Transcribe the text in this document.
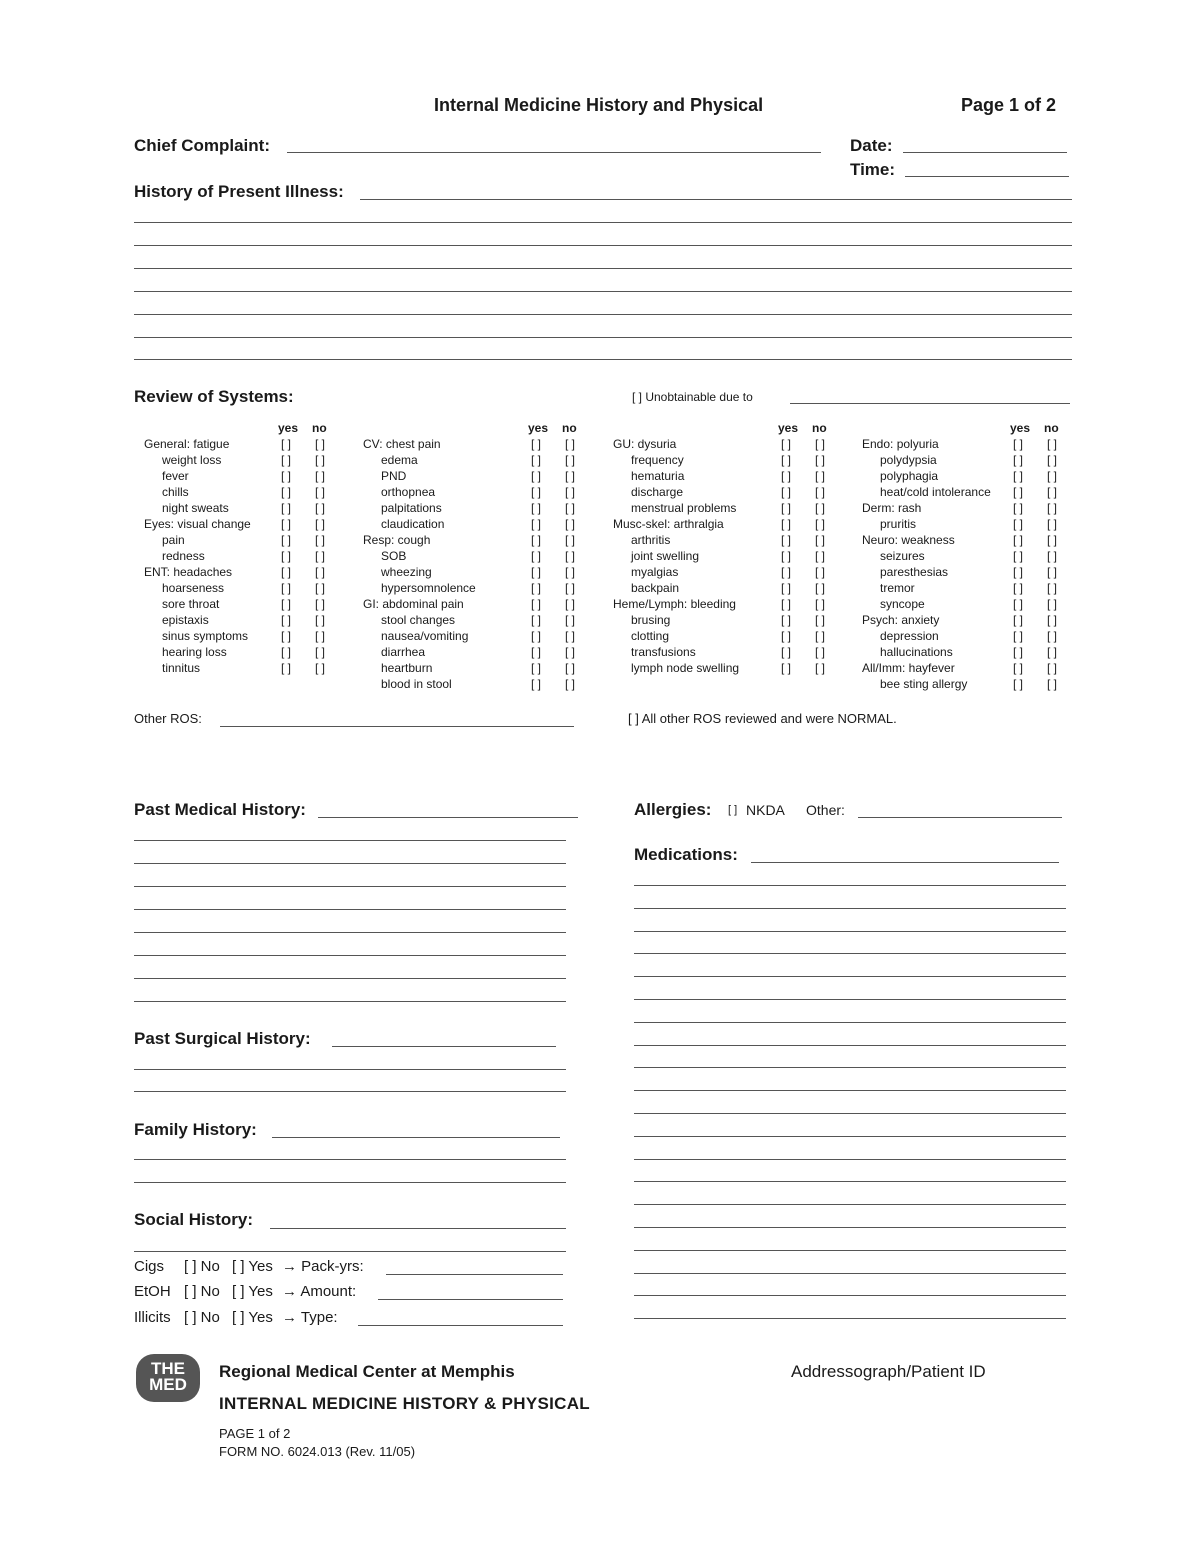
Internal Medicine History and Physical	Page 1 of 2
Chief Complaint:	Date:
Time:
History of Present Illness:
Review of Systems:	[ ] Unobtainable due to
yes no
General: fatigue	[ ] [ ]
weight loss	[ ] [ ]
fever	[ ] [ ]
chills	[ ] [ ]
night sweats	[ ] [ ]
Eyes: visual change	[ ] [ ]
pain	[ ] [ ]
redness	[ ] [ ]
ENT: headaches	[ ] [ ]
hoarseness	[ ] [ ]
sore throat	[ ] [ ]
epistaxis	[ ] [ ]
sinus symptoms	[ ] [ ]
hearing loss	[ ] [ ]
tinnitus	[ ] [ ]
yes no
CV: chest pain	[ ] [ ]
edema	[ ] [ ]
PND	[ ] [ ]
orthopnea	[ ] [ ]
palpitations	[ ] [ ]
claudication	[ ] [ ]
Resp: cough	[ ] [ ]
SOB	[ ] [ ]
wheezing	[ ] [ ]
hypersomnolence	[ ] [ ]
GI: abdominal pain	[ ] [ ]
stool changes	[ ] [ ]
nausea/vomiting	[ ] [ ]
diarrhea	[ ] [ ]
heartburn	[ ] [ ]
blood in stool	[ ] [ ]
yes no
GU: dysuria	[ ] [ ]
frequency	[ ] [ ]
hematuria	[ ] [ ]
discharge	[ ] [ ]
menstrual problems	[ ] [ ]
Musc-skel: arthralgia	[ ] [ ]
arthritis	[ ] [ ]
joint swelling	[ ] [ ]
myalgias	[ ] [ ]
backpain	[ ] [ ]
Heme/Lymph: bleeding	[ ] [ ]
brusing	[ ] [ ]
clotting	[ ] [ ]
transfusions	[ ] [ ]
lymph node swelling	[ ] [ ]
yes no
Endo: polyuria	[ ] [ ]
polydypsia	[ ] [ ]
polyphagia	[ ] [ ]
heat/cold intolerance [ ] [ ]
Derm: rash	[ ] [ ]
pruritis	[ ] [ ]
Neuro: weakness	[ ] [ ]
seizures	[ ] [ ]
paresthesias	[ ] [ ]
tremor	[ ] [ ]
syncope	[ ] [ ]
Psych: anxiety	[ ] [ ]
depression	[ ] [ ]
hallucinations	[ ] [ ]
All/Imm: hayfever	[ ] [ ]
bee sting allergy	[ ] [ ]
Other ROS:	[ ] All other ROS reviewed and were NORMAL.
Past Medical History:
Past Surgical History:
Family History:
Social History:
Cigs [ ] No [ ] Yes → Pack-yrs:
EtOH [ ] No [ ] Yes → Amount:
Illicits [ ] No [ ] Yes → Type:
Allergies: [ ] NKDA Other:
Medications:
THE
MED
Regional Medical Center at Memphis
INTERNAL MEDICINE HISTORY & PHYSICAL
PAGE 1 of 2
FORM NO. 6024.013 (Rev. 11/05)
Addressograph/Patient ID
